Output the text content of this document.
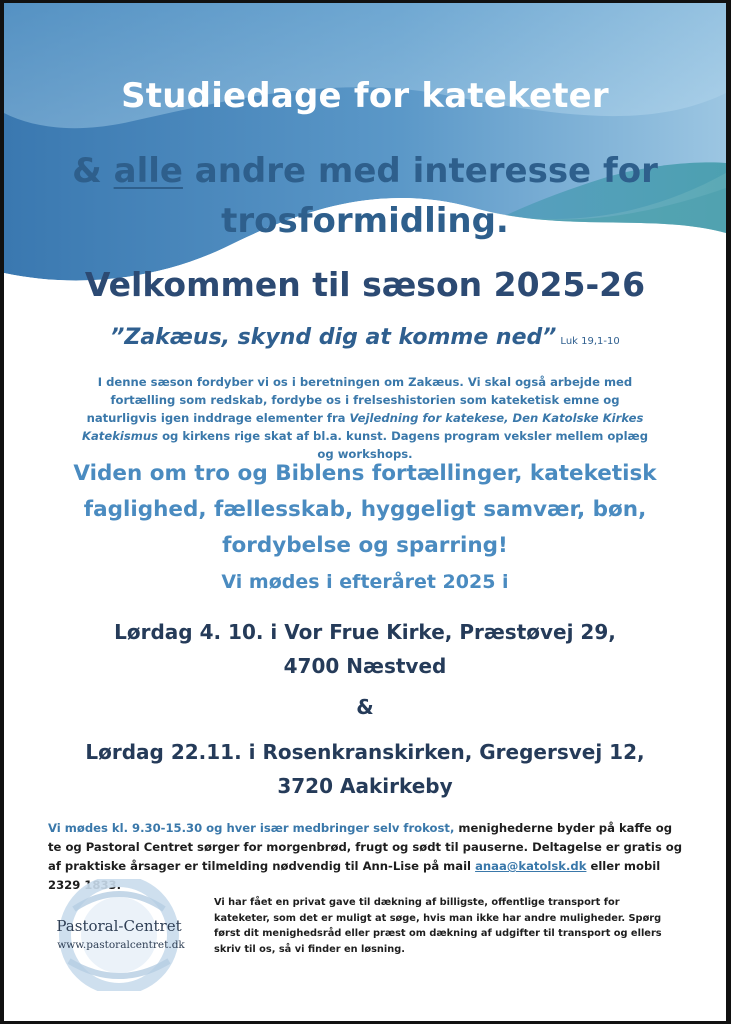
Studiedage for kateketer

& alle andre med interesse for
trosformidling.

Velkommen til sæson 2025-26

”Zakæus, skynd dig at komme ned” Luk 19,1-10

I denne sæson fordyber vi os i beretningen om Zakæus. Vi skal også arbejde med fortælling som redskab, fordybe os i frelseshistorien som kateketisk emne og naturligvis igen inddrage elementer fra Vejledning for katekese, Den Katolske Kirkes Katekismus og kirkens rige skat af bl.a. kunst. Dagens program veksler mellem oplæg og workshops.

Viden om tro og Biblens fortællinger, kateketisk faglighed, fællesskab, hyggeligt samvær, bøn, fordybelse og sparring!

Vi mødes i efteråret 2025 i

Lørdag 4. 10. i Vor Frue Kirke, Præstøvej 29, 4700 Næstved

&

Lørdag 22.11. i Rosenkranskirken, Gregersvej 12, 3720 Aakirkeby

Vi mødes kl. 9.30-15.30 og hver især medbringer selv frokost, menighederne byder på kaffe og te og Pastoral Centret sørger for morgenbrød, frugt og sødt til pauserne. Deltagelse er gratis og af praktiske årsager er tilmelding nødvendig til Ann-Lise på mail anaa@katolsk.dk eller mobil 2329 1833.

Pastoral-Centret
www.pastoralcentret.dk

Vi har fået en privat gave til dækning af billigste, offentlige transport for kateketer, som det er muligt at søge, hvis man ikke har andre muligheder. Spørg først dit menighedsråd eller præst om dækning af udgifter til transport og ellers skriv til os, så vi finder en løsning.
